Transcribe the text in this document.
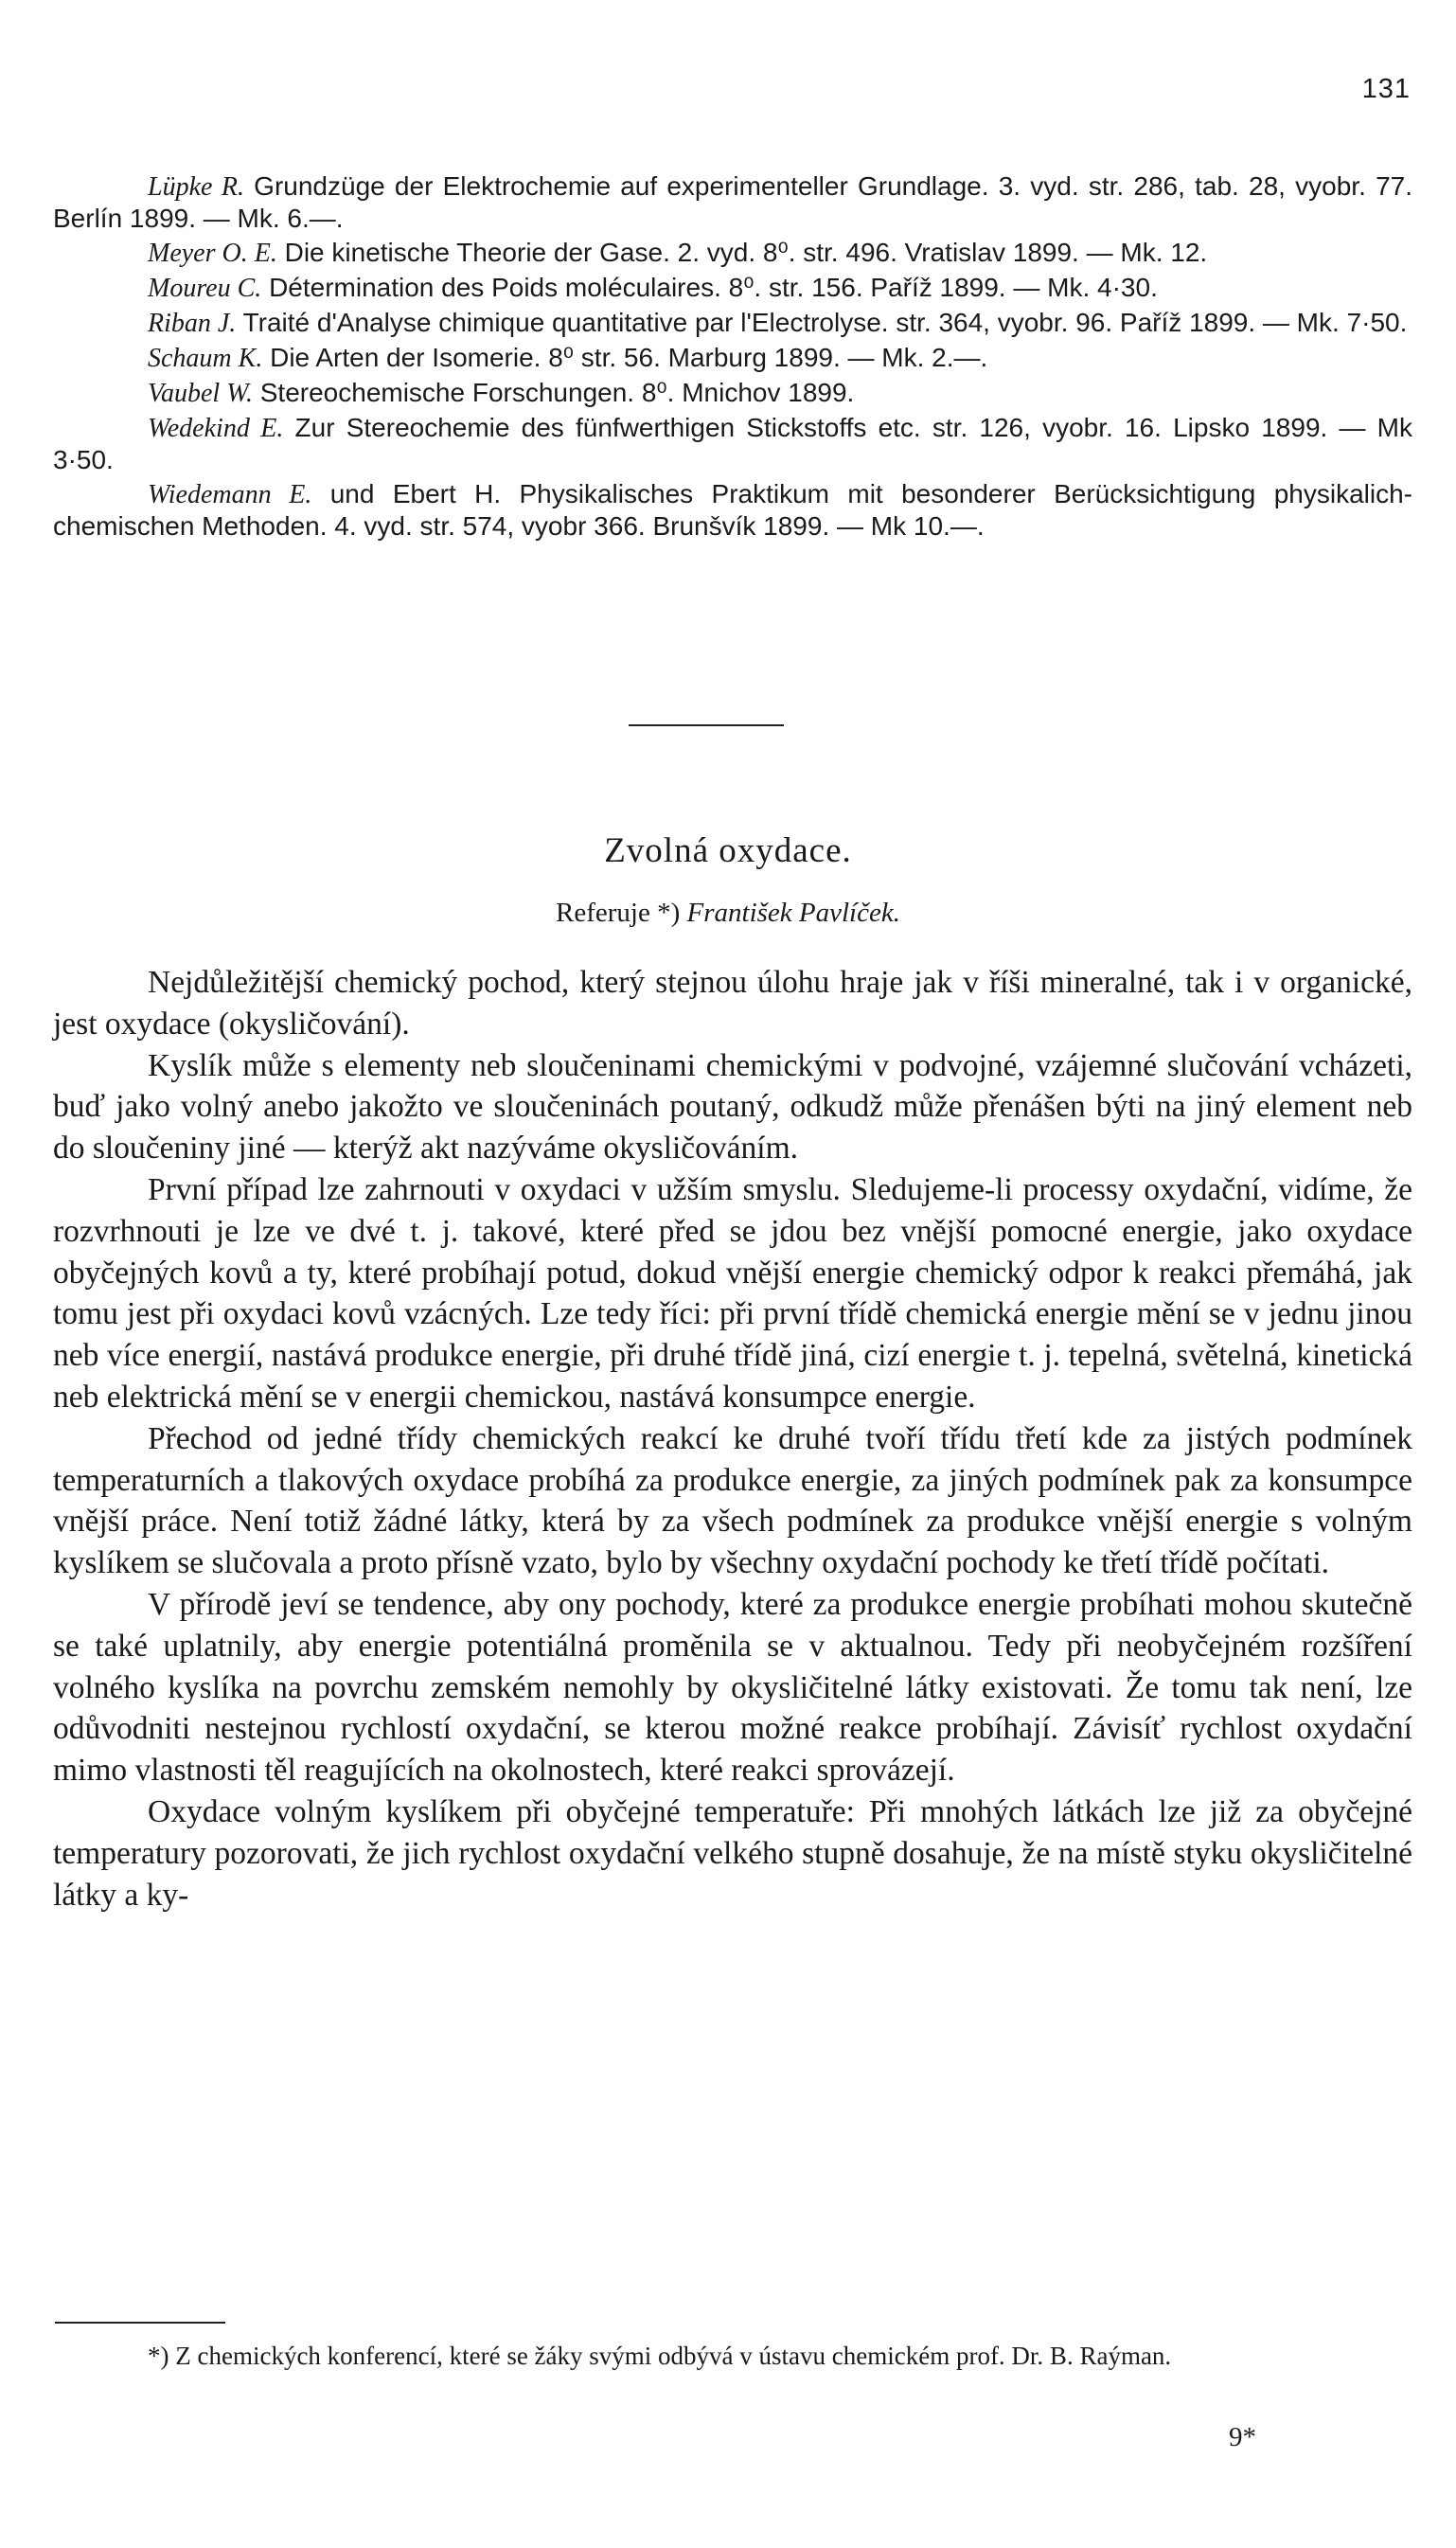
131

Lüpke R. Grundzüge der Elektrochemie auf experimenteller Grundlage. 3. vyd. str. 286, tab. 28, vyobr. 77. Berlín 1899. — Mk. 6.—.

Meyer O. E. Die kinetische Theorie der Gase. 2. vyd. 8⁰. str. 496. Vratislav 1899. — Mk. 12.

Moureu C. Détermination des Poids moléculaires. 8⁰. str. 156. Paříž 1899. — Mk. 4·30.

Riban J. Traité d'Analyse chimique quantitative par l'Electrolyse. str. 364, vyobr. 96. Paříž 1899. — Mk. 7·50.

Schaum K. Die Arten der Isomerie. 8⁰ str. 56. Marburg 1899. — Mk. 2.—.

Vaubel W. Stereochemische Forschungen. 8⁰. Mnichov 1899.

Wedekind E. Zur Stereochemie des fünfwerthigen Stickstoffs etc. str. 126, vyobr. 16. Lipsko 1899. — Mk 3·50.

Wiedemann E. und Ebert H. Physikalisches Praktikum mit besonderer Berücksichtigung physikalich-chemischen Methoden. 4. vyd. str. 574, vyobr 366. Brunšvík 1899. — Mk 10.—.

Zvolná oxydace.
Referuje *) František Pavlíček.

Nejdůležitější chemický pochod, který stejnou úlohu hraje jak v říši mineralné, tak i v organické, jest oxydace (okysličování).

Kyslík může s elementy neb sloučeninami chemickými v podvojné, vzájemné slučování vcházeti, buď jako volný anebo jakožto ve sloučeninách poutaný, odkudž může přenášen býti na jiný element neb do sloučeniny jiné — kterýž akt nazýváme okysličováním.

První případ lze zahrnouti v oxydaci v užším smyslu. Sledujeme-li processy oxydační, vidíme, že rozvrhnouti je lze ve dvé t. j. takové, které před se jdou bez vnější pomocné energie, jako oxydace obyčejných kovů a ty, které probíhají potud, dokud vnější energie chemický odpor k reakci přemáhá, jak tomu jest při oxydaci kovů vzácných. Lze tedy říci: při první třídě chemická energie mění se v jednu jinou neb více energií, nastává produkce energie, při druhé třídě jiná, cizí energie t. j. tepelná, světelná, kinetická neb elektrická mění se v energii chemickou, nastává konsumpce energie.

Přechod od jedné třídy chemických reakcí ke druhé tvoří třídu třetí kde za jistých podmínek temperaturních a tlakových oxydace probíhá za produkce energie, za jiných podmínek pak za konsumpce vnější práce. Není totiž žádné látky, která by za všech podmínek za produkce vnější energie s volným kyslíkem se slučovala a proto přísně vzato, bylo by všechny oxydační pochody ke třetí třídě počítati.

V přírodě jeví se tendence, aby ony pochody, které za produkce energie probíhati mohou skutečně se také uplatnily, aby energie potentiálná proměnila se v aktualnou. Tedy při neobyčejném rozšíření volného kyslíka na povrchu zemském nemohly by okysličitelné látky existovati. Že tomu tak není, lze odůvodniti nestejnou rychlostí oxydační, se kterou možné reakce probíhají. Závisíť rychlost oxydační mimo vlastnosti těl reagujících na okolnostech, které reakci sprovázejí.

Oxydace volným kyslíkem při obyčejné temperatuře: Při mnohých látkách lze již za obyčejné temperatury pozorovati, že jich rychlost oxydační velkého stupně dosahuje, že na místě styku okysličitelné látky a ky-

*) Z chemických konferencí, které se žáky svými odbývá v ústavu chemickém prof. Dr. B. Raýman.
9*
